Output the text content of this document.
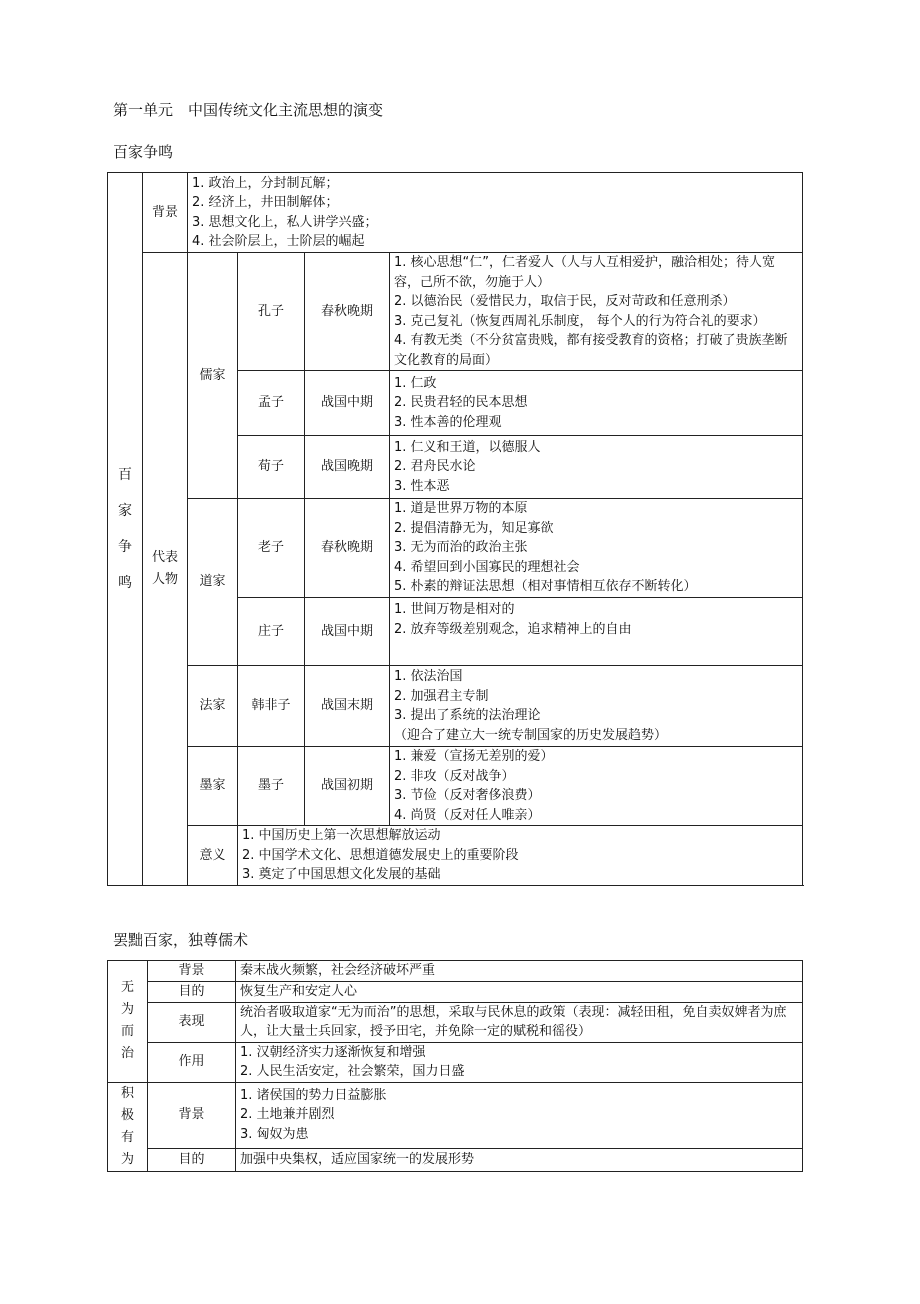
第一单元　中国传统文化主流思想的演变
百家争鸣
百
家
争
鸣	背景	1. 政治上，分封制瓦解；
2. 经济上，井田制解体；
3. 思想文化上，私人讲学兴盛；
4. 社会阶层上，士阶层的崛起			

	代表
人物	儒家	孔子	春秋晚期	1. 核心思想“仁”，仁者爱人（人与人互相爱护，融洽相处；待人宽容，己所不欲，勿施于人）
2. 以德治民（爱惜民力，取信于民，反对苛政和任意刑杀）
3. 克己复礼（恢复西周礼乐制度， 每个人的行为符合礼的要求）
4. 有教无类（不分贫富贵贱，都有接受教育的资格；打破了贵族垄断文化教育的局面）

			孟子	战国中期	1. 仁政
2. 民贵君轻的民本思想
3. 性本善的伦理观

			荀子	战国晚期	1. 仁义和王道，以德服人
2. 君舟民水论
3. 性本恶

		道家	老子	春秋晚期	1. 道是世界万物的本原
2. 提倡清静无为，知足寡欲
3. 无为而治的政治主张
4. 希望回到小国寡民的理想社会
5. 朴素的辩证法思想（相对事情相互依存不断转化）

			庄子	战国中期	1. 世间万物是相对的
2. 放弃等级差别观念，追求精神上的自由

		法家	韩非子	战国末期	1. 依法治国
2. 加强君主专制
3. 提出了系统的法治理论
（迎合了建立大一统专制国家的历史发展趋势）

		墨家	墨子	战国初期	1. 兼爱（宣扬无差别的爱）
2. 非攻（反对战争）
3. 节俭（反对奢侈浪费）
4. 尚贤（反对任人唯亲）

		意义	1. 中国历史上第一次思想解放运动
2. 中国学术文化、思想道德发展史上的重要阶段
3. 奠定了中国思想文化发展的基础		
罢黜百家，独尊儒术
无
为
而
治	背景	秦末战火频繁，社会经济破坏严重

	目的	恢复生产和安定人心

	表现	统治者吸取道家“无为而治”的思想，采取与民休息的政策（表现：减轻田租，免自卖奴婢者为庶人，让大量士兵回家，授予田宅，并免除一定的赋税和徭役）

	作用	1. 汉朝经济实力逐渐恢复和增强
2. 人民生活安定，社会繁荣，国力日盛

积
极
有
为	背景	1. 诸侯国的势力日益膨胀
2. 土地兼并剧烈
3. 匈奴为患

	目的	加强中央集权，适应国家统一的发展形势
